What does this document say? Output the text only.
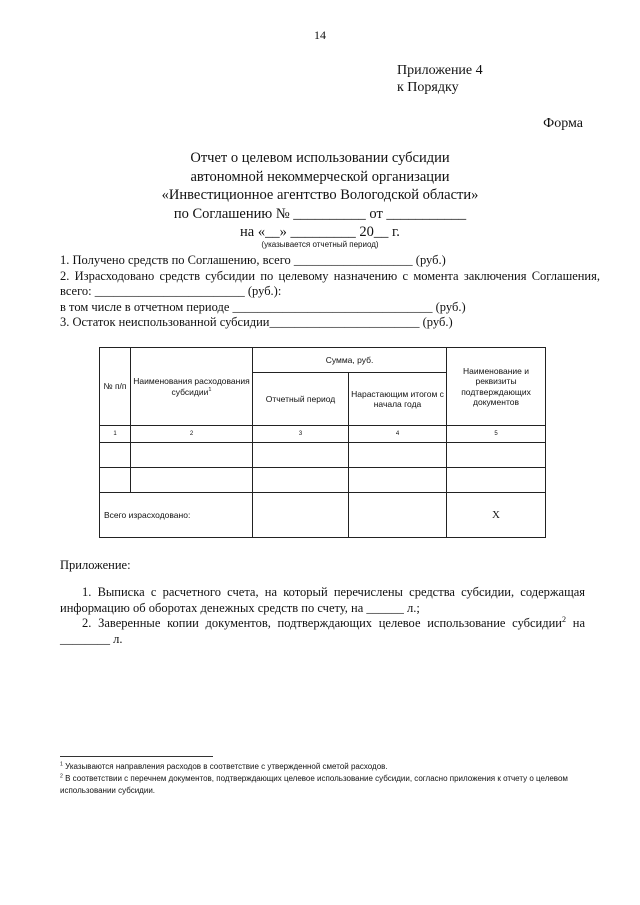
14
Приложение 4
к Порядку
Форма
Отчет о целевом использовании субсидии
автономной некоммерческой организации
«Инвестиционное агентство Вологодской области»
по Соглашению № __________ от ___________
на «__» _________ 20__ г.
(указывается отчетный период)
1. Получено средств по Соглашению, всего ___________________ (руб.)
2. Израсходовано средств субсидии по целевому назначению с момента заключения Соглашения, всего: ________________________ (руб.):
в том числе в отчетном периоде ________________________________ (руб.)
3. Остаток неиспользованной субсидии________________________ (руб.)
№ п/п	Наименования расходования субсидии$^1$	Сумма, руб.		Наименование и реквизиты подтверждающих документов
		Отчетный период	Нарастающим итогом с начала года	
1	2	3	4	5

Всего израсходовано:				X
Приложение:

1. Выписка с расчетного счета, на который перечислены средства субсидии, содержащая информацию об оборотах денежных средств по счету, на ______ л.;

2. Заверенные копии документов, подтверждающих целевое использование субсидии$^2$ на ________ л.

$^1$ Указываются направления расходов в соответствие с утвержденной сметой расходов.

$^2$ В соответствии с перечнем документов, подтверждающих целевое использование субсидии, согласно приложения к отчету о целевом использовании субсидии.
